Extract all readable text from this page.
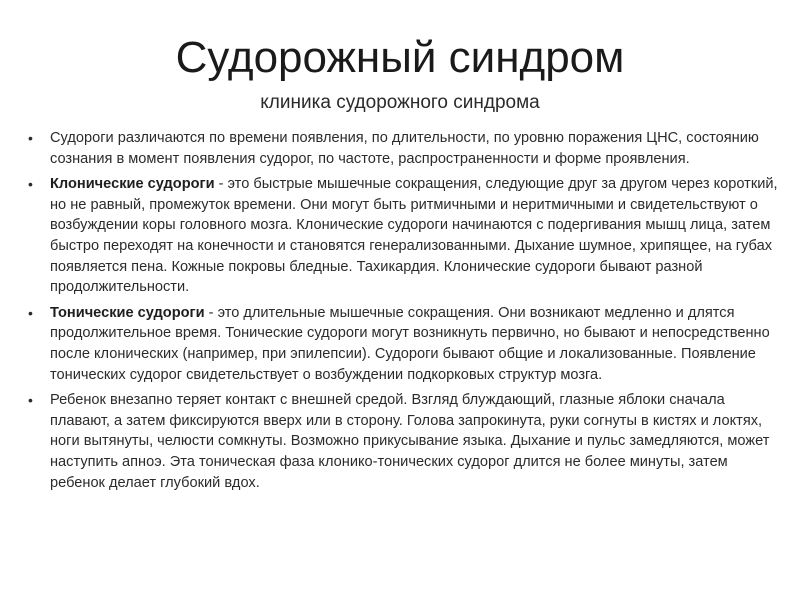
Судорожный синдром
клиника судорожного синдрома
•	Судороги различаются по времени появления, по длительности, по уровню поражения ЦНС, состоянию сознания в момент появления судорог, по частоте, распространенности и форме проявления.
•	Клонические судороги - это быстрые мышечные сокращения, следующие друг за другом через короткий, но не равный, промежуток времени. Они могут быть ритмичными и неритмичными и свидетельствуют о возбуждении коры головного мозга. Клонические судороги начинаются с подергивания мышц лица, затем быстро переходят на конечности и становятся генерализованными. Дыхание шумное, хрипящее, на губах появляется пена. Кожные покровы бледные. Тахикардия. Клонические судороги бывают разной продолжительности.
•	Тонические судороги - это длительные мышечные сокращения. Они возникают медленно и длятся продолжительное время. Тонические судороги могут возникнуть первично, но бывают и непосредственно после клонических (например, при эпилепсии). Судороги бывают общие и локализованные. Появление тонических судорог свидетельствует о возбуждении подкорковых структур мозга.
•	Ребенок внезапно теряет контакт с внешней средой. Взгляд блуждающий, глазные яблоки сначала плавают, а затем фиксируются вверх или в сторону. Голова запрокинута, руки согнуты в кистях и локтях, ноги вытянуты, челюсти сомкнуты. Возможно прикусывание языка. Дыхание и пульс замедляются, может наступить апноэ. Эта тоническая фаза клонико-тонических судорог длится не более минуты, затем ребенок делает глубокий вдох.
